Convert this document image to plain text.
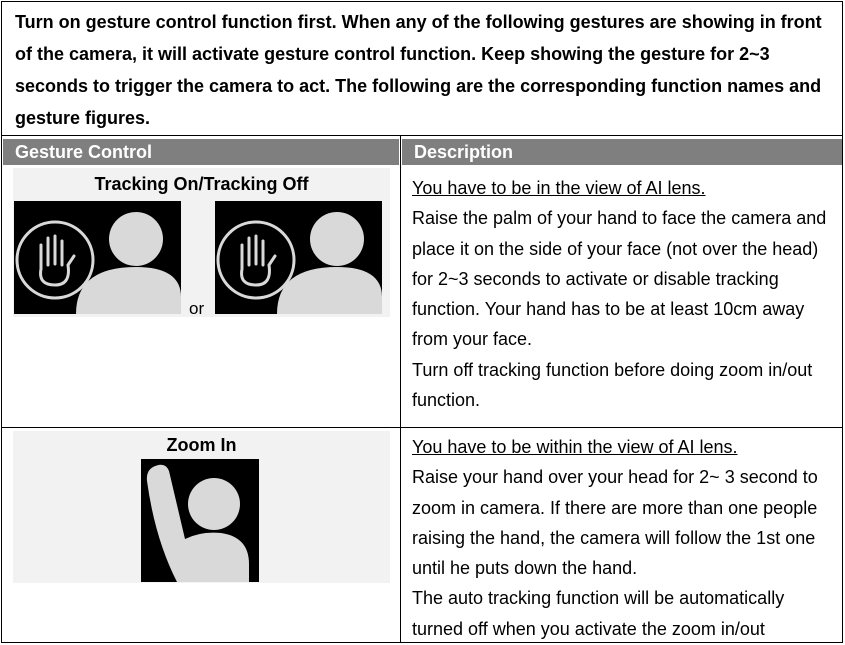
Turn on gesture control function first. When any of the following gestures are showing in front of the camera, it will activate gesture control function. Keep showing the gesture for 2~3 seconds to trigger the camera to act. The following are the corresponding function names and gesture figures.
Gesture Control	Description
Tracking On/Tracking Off
or

You have to be in the view of AI lens.

Raise the palm of your hand to face the camera and place it on the side of your face (not over the head) for 2~3 seconds to activate or disable tracking function. Your hand has to be at least 10cm away from your face.

Turn off tracking function before doing zoom in/out function.

Zoom In	You have to be within the view of AI lens.

Raise your hand over your head for 2~ 3 second to zoom in camera. If there are more than one people raising the hand, the camera will follow the 1st one until he puts down the hand.

The auto tracking function will be automatically turned off when you activate the zoom in/out
